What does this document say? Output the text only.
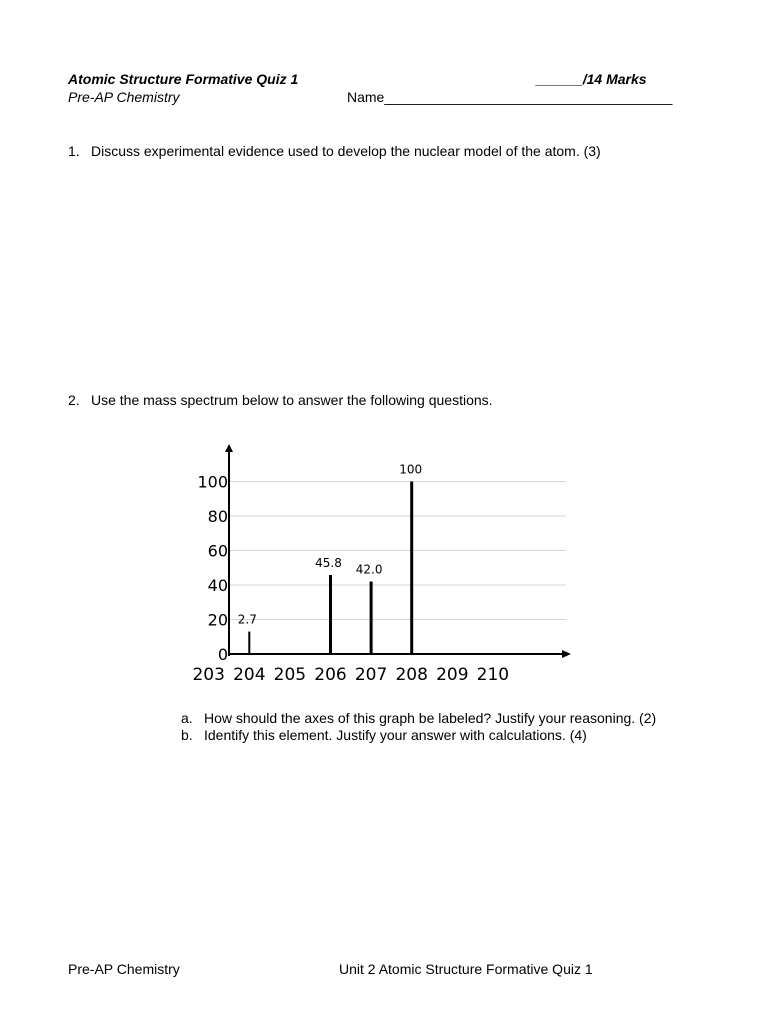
Atomic Structure Formative Quiz 1	______/14 Marks
Pre-AP Chemistry	Name_____________________________________
1. Discuss experimental evidence used to develop the nuclear model of the atom. (3)
2. Use the mass spectrum below to answer the following questions.
0
20
40
60
80
100
203 204 205 206 207 208 209 210
2.7
45.8 42.0
100
a. How should the axes of this graph be labeled? Justify your reasoning. (2)
b. Identify this element. Justify your answer with calculations. (4)
Pre-AP Chemistry	Unit 2 Atomic Structure Formative Quiz 1
